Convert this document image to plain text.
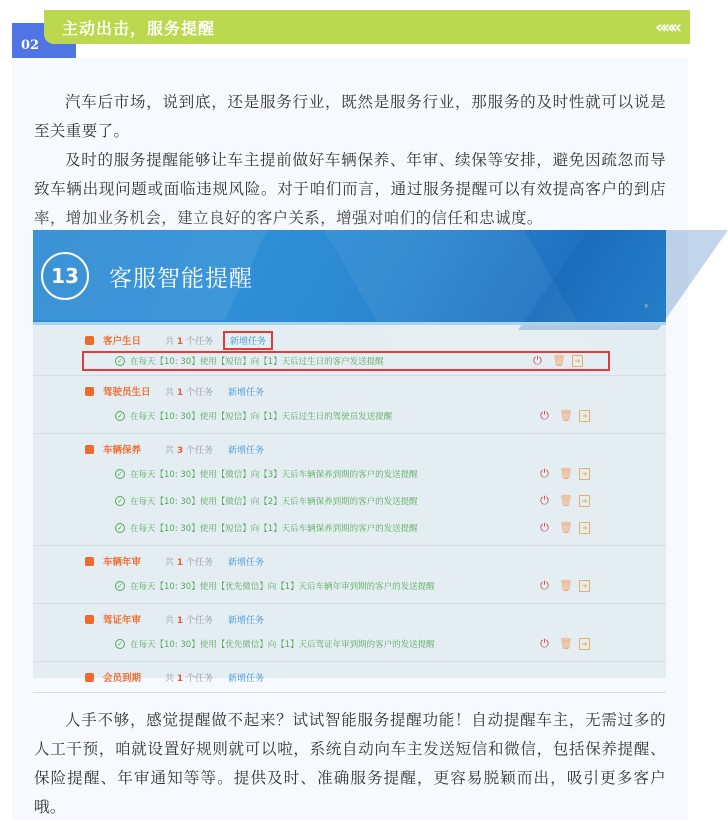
02
主动出击，服务提醒	«««

汽车后市场，说到底，还是服务行业，既然是服务行业，那服务的及时性就可以说是至关重要了。

及时的服务提醒能够让车主提前做好车辆保养、年审、续保等安排，避免因疏忽而导致车辆出现问题或面临违规风险。对于咱们而言，通过服务提醒可以有效提高客户的到店率，增加业务机会，建立良好的客户关系，增强对咱们的信任和忠诚度。

13	客服智能提醒
▾
客户生日	共 1 个任务	新增任务
✓ 在每天【10: 30】使用【短信】向【1】天后过生日的客户发送提醒	⏻ 🗑	➜
驾驶员生日	共 1 个任务	新增任务
✓ 在每天【10: 30】使用【短信】向【1】天后过生日的驾驶员发送提醒	⏻ 🗑	➜
车辆保养	共 3 个任务	新增任务
✓ 在每天【10: 30】使用【微信】向【3】天后车辆保养到期的客户的发送提醒	⏻ 🗑	➜
✓ 在每天【10: 30】使用【微信】向【2】天后车辆保养到期的客户的发送提醒	⏻ 🗑	➜
✓ 在每天【10: 30】使用【短信】向【1】天后车辆保养到期的客户的发送提醒	⏻ 🗑	➜
车辆年审	共 1 个任务	新增任务
✓ 在每天【10: 30】使用【优先微信】向【1】天后车辆年审到期的客户的发送提醒	⏻ 🗑	➜
驾证年审	共 1 个任务	新增任务
✓ 在每天【10: 30】使用【优先微信】向【1】天后驾证年审到期的客户的发送提醒	⏻ 🗑	➜
会员到期	共 1 个任务	新增任务

人手不够，感觉提醒做不起来？试试智能服务提醒功能！自动提醒车主，无需过多的人工干预，咱就设置好规则就可以啦，系统自动向车主发送短信和微信，包括保养提醒、保险提醒、年审通知等等。提供及时、准确服务提醒，更容易脱颖而出，吸引更多客户哦。
